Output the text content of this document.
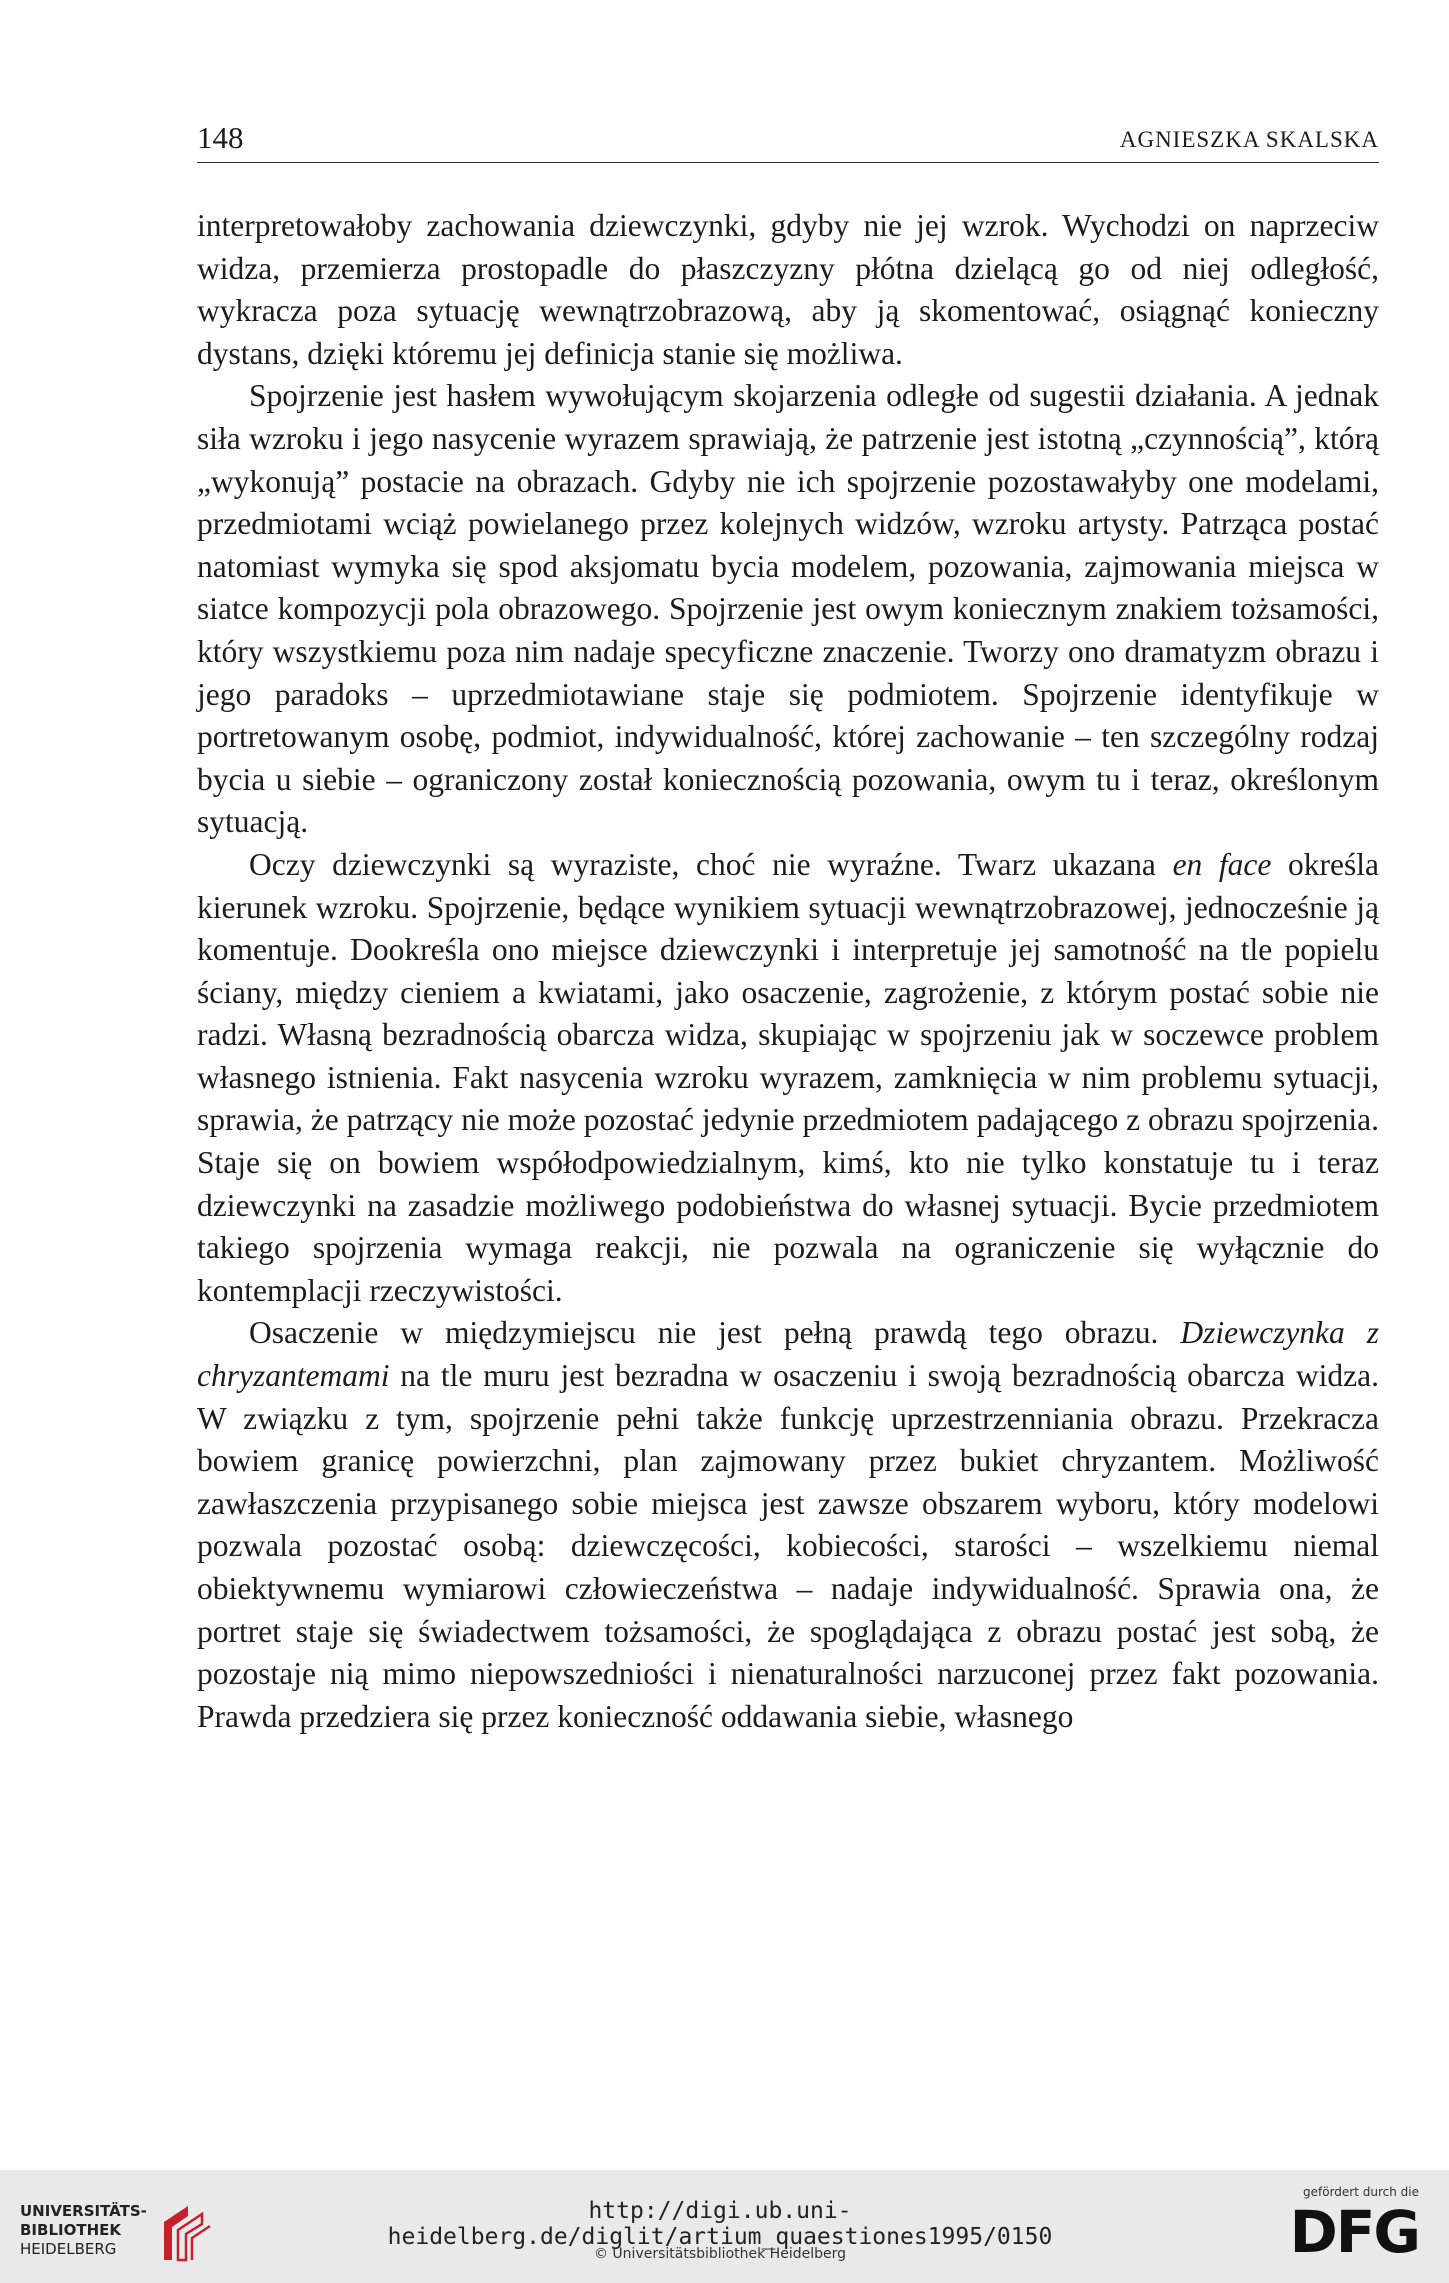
148	AGNIESZKA SKALSKA

interpretowałoby zachowania dziewczynki, gdyby nie jej wzrok. Wychodzi on naprzeciw widza, przemierza prostopadle do płaszczyzny płótna dzielącą go od niej odległość, wykracza poza sytuację wewnątrzobrazową, aby ją skomentować, osiągnąć konieczny dystans, dzięki któremu jej definicja stanie się możliwa.

Spojrzenie jest hasłem wywołującym skojarzenia odległe od sugestii działania. A jednak siła wzroku i jego nasycenie wyrazem sprawiają, że patrzenie jest istotną „czynnością”, którą „wykonują” postacie na obrazach. Gdyby nie ich spojrzenie pozostawałyby one modelami, przedmiotami wciąż powielanego przez kolejnych widzów, wzroku artysty. Patrząca postać natomiast wymyka się spod aksjomatu bycia modelem, pozowania, zajmowania miejsca w siatce kompozycji pola obrazowego. Spojrzenie jest owym koniecznym znakiem tożsamości, który wszystkiemu poza nim nadaje specyficzne znaczenie. Tworzy ono dramatyzm obrazu i jego paradoks – uprzedmiotawiane staje się podmiotem. Spojrzenie identyfikuje w portretowanym osobę, podmiot, indywidualność, której zachowanie – ten szczególny rodzaj bycia u siebie – ograniczony został koniecznością pozowania, owym tu i teraz, określonym sytuacją.

Oczy dziewczynki są wyraziste, choć nie wyraźne. Twarz ukazana en face określa kierunek wzroku. Spojrzenie, będące wynikiem sytuacji wewnątrzobrazowej, jednocześnie ją komentuje. Dookreśla ono miejsce dziewczynki i interpretuje jej samotność na tle popielu ściany, między cieniem a kwiatami, jako osaczenie, zagrożenie, z którym postać sobie nie radzi. Własną bezradnością obarcza widza, skupiając w spojrzeniu jak w soczewce problem własnego istnienia. Fakt nasycenia wzroku wyrazem, zamknięcia w nim problemu sytuacji, sprawia, że patrzący nie może pozostać jedynie przedmiotem padającego z obrazu spojrzenia. Staje się on bowiem współodpowiedzialnym, kimś, kto nie tylko konstatuje tu i teraz dziewczynki na zasadzie możliwego podobieństwa do własnej sytuacji. Bycie przedmiotem takiego spojrzenia wymaga reakcji, nie pozwala na ograniczenie się wyłącznie do kontemplacji rzeczywistości.

Osaczenie w międzymiejscu nie jest pełną prawdą tego obrazu. Dziewczynka z chryzantemami na tle muru jest bezradna w osaczeniu i swoją bezradnością obarcza widza. W związku z tym, spojrzenie pełni także funkcję uprzestrzenniania obrazu. Przekracza bowiem granicę powierzchni, plan zajmowany przez bukiet chryzantem. Możliwość zawłaszczenia przypisanego sobie miejsca jest zawsze obszarem wyboru, który modelowi pozwala pozostać osobą: dziewczęcości, kobiecości, starości – wszelkiemu niemal obiektywnemu wymiarowi człowieczeństwa – nadaje indywidualność. Sprawia ona, że portret staje się świadectwem tożsamości, że spoglądająca z obrazu postać jest sobą, że pozostaje nią mimo niepowszedniości i nienaturalności narzuconej przez fakt pozowania. Prawda przedziera się przez konieczność oddawania siebie, własnego

UNIVERSITÄTS-
BIBLIOTHEK
HEIDELBERG
http://digi.ub.uni-heidelberg.de/diglit/artium_quaestiones1995/0150
© Universitätsbibliothek Heidelberg
gefördert durch die
DFG
